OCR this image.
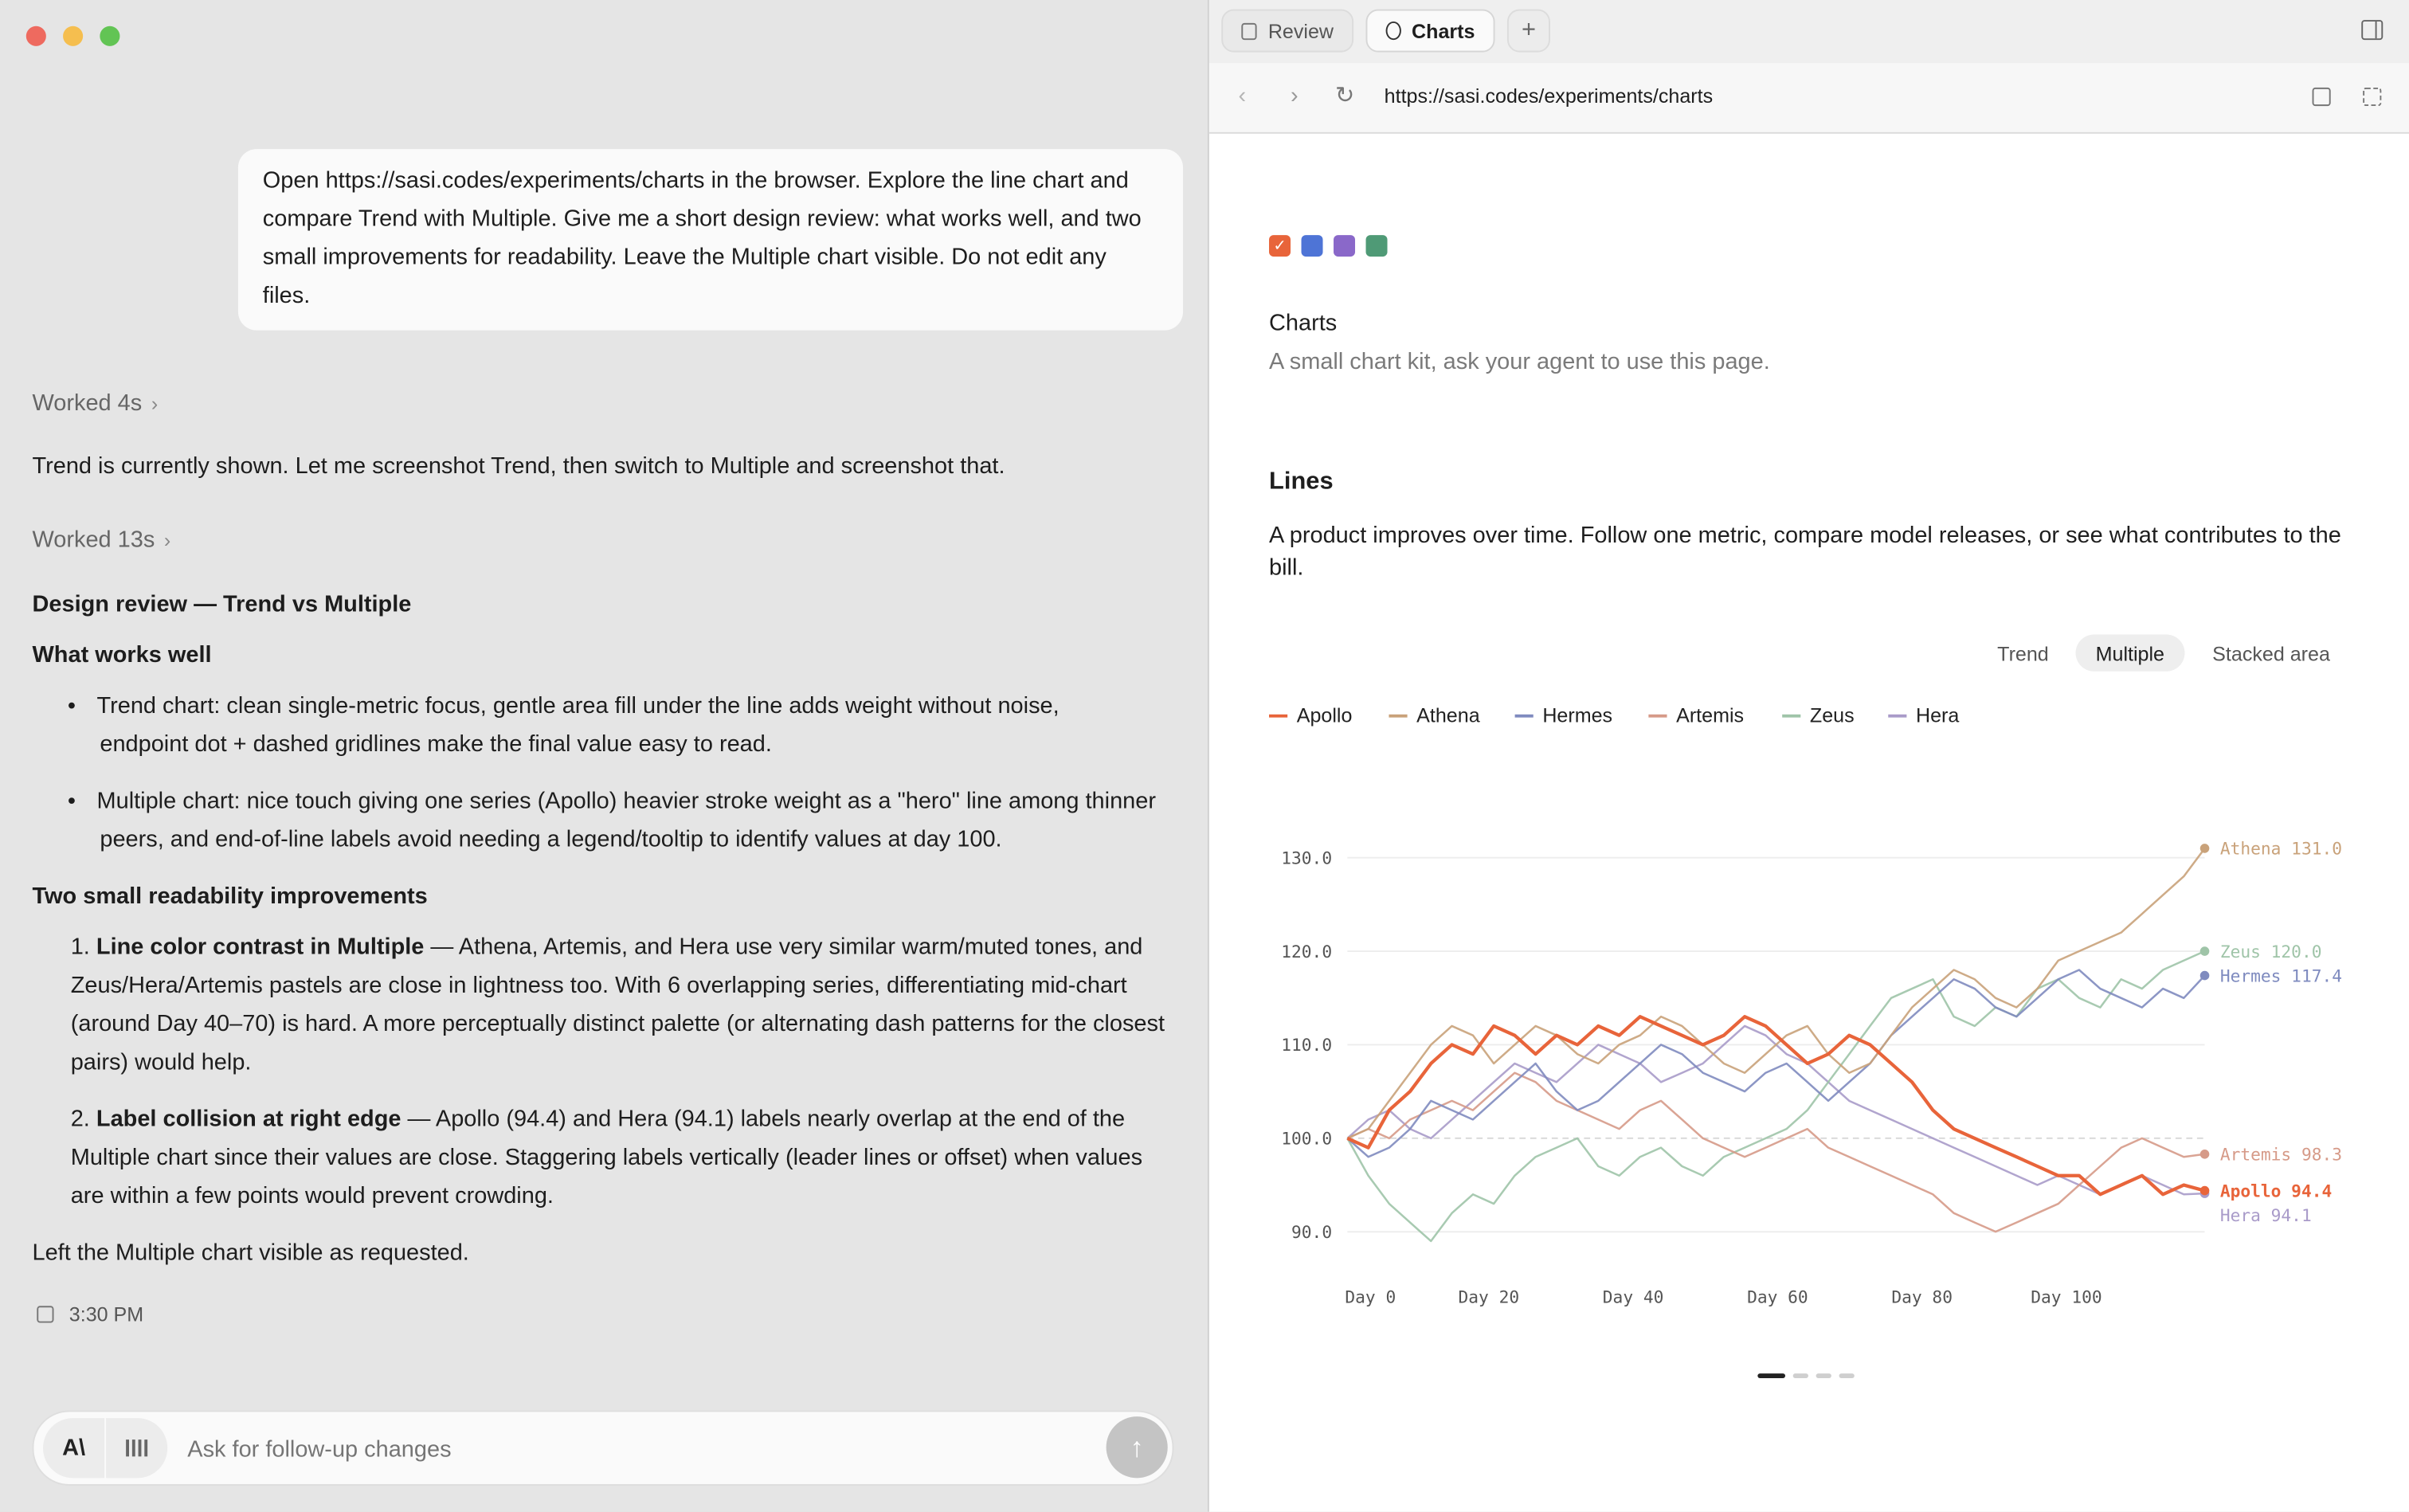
Open https://sasi.codes/experiments/charts in the browser. Explore the line chart and compare Trend with Multiple. Give me a short design review: what works well, and two small improvements for readability. Leave the Multiple chart visible. Do not edit any files.
Worked 4s ›
Trend is currently shown. Let me screenshot Trend, then switch to Multiple and screenshot that.
Worked 13s ›
Design review — Trend vs Multiple
What works well
•	Trend chart: clean single-metric focus, gentle area fill under the line adds weight without noise, endpoint dot + dashed gridlines make the final value easy to read.
•	Multiple chart: nice touch giving one series (Apollo) heavier stroke weight as a "hero" line among thinner peers, and end-of-line labels avoid needing a legend/tooltip to identify values at day 100.
Two small readability improvements
1. Line color contrast in Multiple — Athena, Artemis, and Hera use very similar warm/muted tones, and Zeus/Hera/Artemis pastels are close in lightness too. With 6 overlapping series, differentiating mid-chart (around Day 40–70) is hard. A more perceptually distinct palette (or alternating dash patterns for the closest pairs) would help.
2. Label collision at right edge — Apollo (94.4) and Hera (94.1) labels nearly overlap at the end of the Multiple chart since their values are close. Staggering labels vertically (leader lines or offset) when values are within a few points would prevent crowding.
Left the Multiple chart visible as requested.
3:30 PM
A\
Ask for follow-up changes	↑
Review	Charts	+
‹	›	↻	https://sasi.codes/experiments/charts
✓
Charts
A small chart kit, ask your agent to use this page.
Lines
A product improves over time. Follow one metric, compare model releases, or see what contributes to the bill.
Trend	Multiple	Stacked area
Apollo	Athena	Hermes	Artemis	Zeus	Hera
130.0
120.0
110.0
100.0
90.0
Day 0	Day 20	Day 40	Day 60	Day 80	Day 100
Apollo 94.4
Athena 131.0
Hermes 117.4
Artemis 98.3
Zeus 120.0
Hera 94.1
